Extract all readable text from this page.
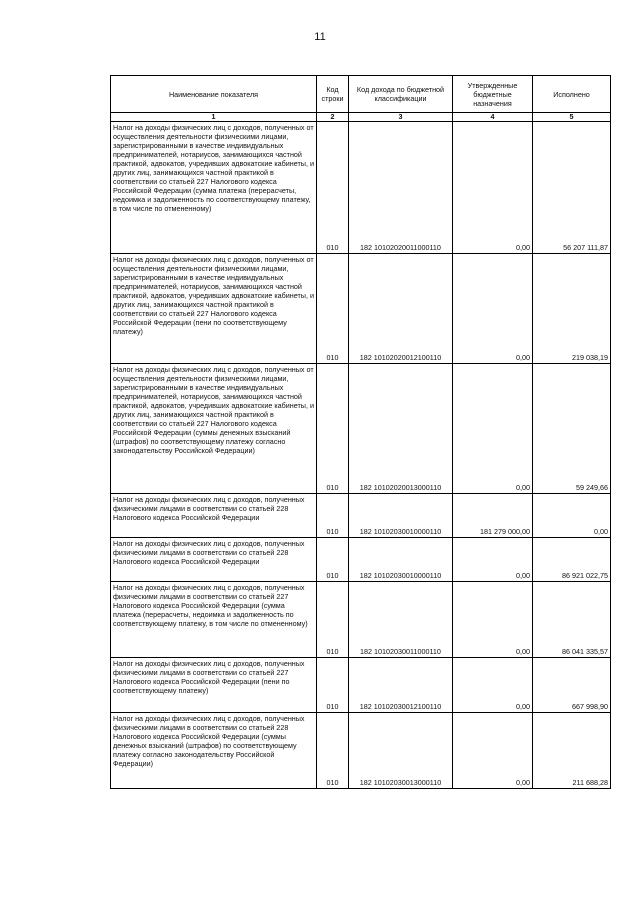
11
Наименование показателя	Код строки	Код дохода по бюджетной классификации	Утвержденные бюджетные назначения	Исполнено
1	2	3	4	5
Налог на доходы физических лиц с доходов, полученных от осуществления деятельности физическими лицами, зарегистрированными в качестве индивидуальных предпринимателей, нотариусов, занимающихся частной практикой, адвокатов, учредивших адвокатские кабинеты, и других лиц, занимающихся частной практикой в соответствии со статьей 227 Налогового кодекса Российской Федерации (сумма платежа (перерасчеты, недоимка и задолженность по соответствующему платежу, в том числе по отмененному)	010	182 10102020011000110	0,00	56 207 111,87
Налог на доходы физических лиц с доходов, полученных от осуществления деятельности физическими лицами, зарегистрированными в качестве индивидуальных предпринимателей, нотариусов, занимающихся частной практикой, адвокатов, учредивших адвокатские кабинеты, и других лиц, занимающихся частной практикой в соответствии со статьей 227 Налогового кодекса Российской Федерации (пени по соответствующему платежу)	010	182 10102020012100110	0,00	219 038,19
Налог на доходы физических лиц с доходов, полученных от осуществления деятельности физическими лицами, зарегистрированными в качестве индивидуальных предпринимателей, нотариусов, занимающихся частной практикой, адвокатов, учредивших адвокатские кабинеты, и других лиц, занимающихся частной практикой в соответствии со статьей 227 Налогового кодекса Российской Федерации (суммы денежных взысканий (штрафов) по соответствующему платежу согласно законодательству Российской Федерации)	010	182 10102020013000110	0,00	59 249,66
Налог на доходы физических лиц с доходов, полученных физическими лицами в соответствии со статьей 228 Налогового кодекса Российской Федерации	010	182 10102030010000110	181 279 000,00	0,00
Налог на доходы физических лиц с доходов, полученных физическими лицами в соответствии со статьей 228 Налогового кодекса Российской Федерации	010	182 10102030010000110	0,00	86 921 022,75
Налог на доходы физических лиц с доходов, полученных физическими лицами в соответствии со статьей 227 Налогового кодекса Российской Федерации (сумма платежа (перерасчеты, недоимка и задолженность по соответствующему платежу, в том числе по отмененному)	010	182 10102030011000110	0,00	86 041 335,57
Налог на доходы физических лиц с доходов, полученных физическими лицами в соответствии со статьей 227 Налогового кодекса Российской Федерации (пени по соответствующему платежу)	010	182 10102030012100110	0,00	667 998,90
Налог на доходы физических лиц с доходов, полученных физическими лицами в соответствии со статьей 228 Налогового кодекса Российской Федерации (суммы денежных взысканий (штрафов) по соответствующему платежу согласно законодательству Российской Федерации)	010	182 10102030013000110	0,00	211 688,28
